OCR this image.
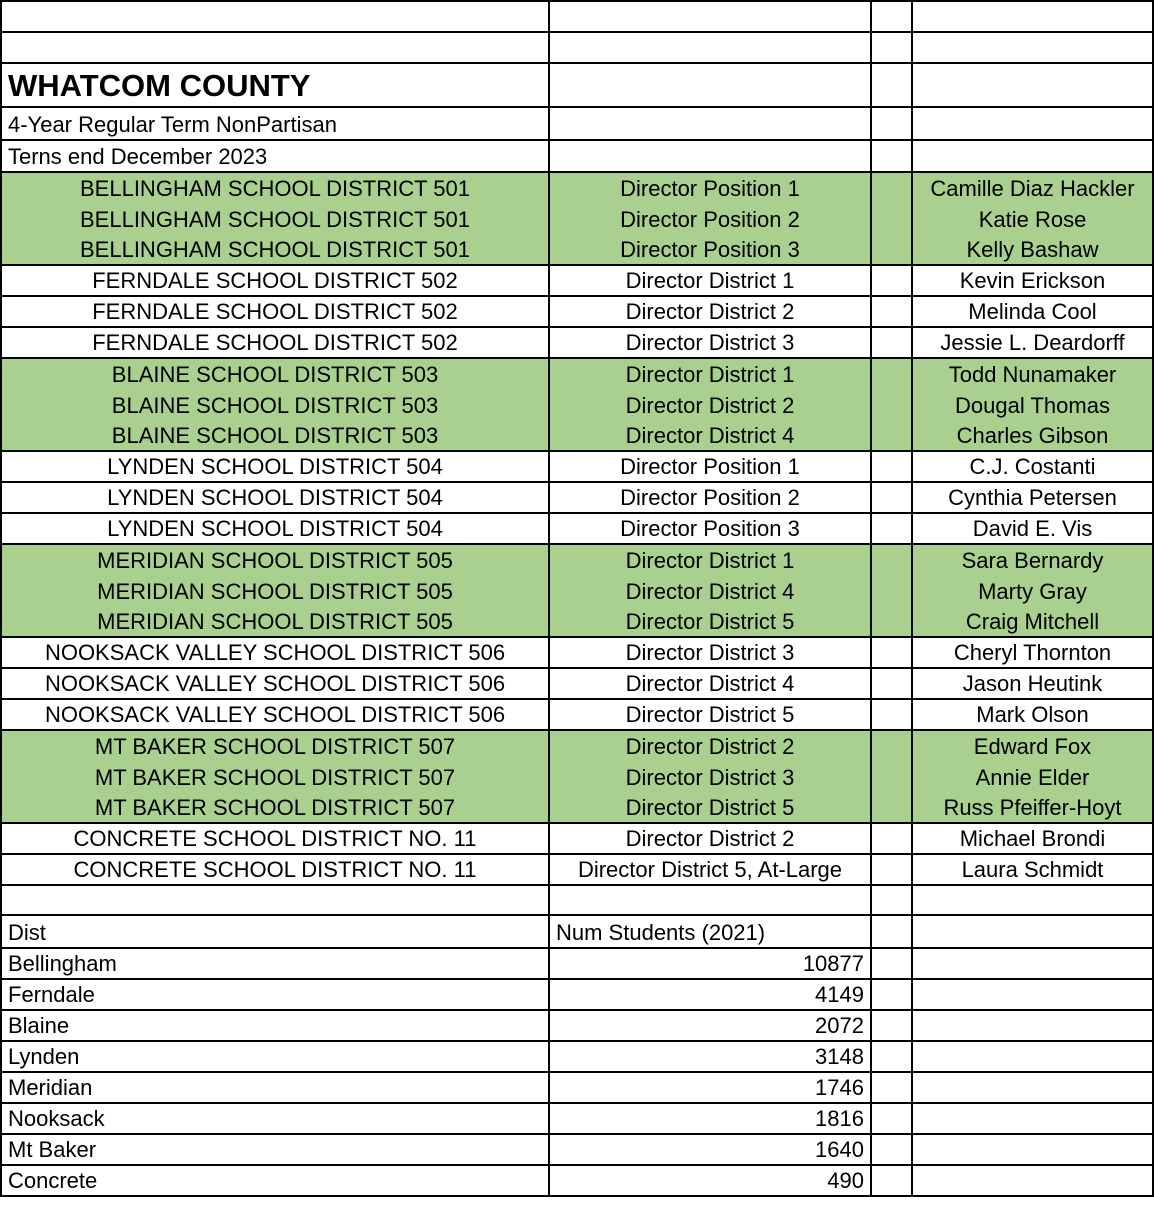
WHATCOM COUNTY			
4-Year Regular Term NonPartisan			
Terns end December 2023			
BELLINGHAM SCHOOL DISTRICT 501	Director Position 1		Camille Diaz Hackler
BELLINGHAM SCHOOL DISTRICT 501	Director Position 2		Katie Rose
BELLINGHAM SCHOOL DISTRICT 501	Director Position 3		Kelly Bashaw
FERNDALE SCHOOL DISTRICT 502	Director District 1		Kevin Erickson
FERNDALE SCHOOL DISTRICT 502	Director District 2		Melinda Cool
FERNDALE SCHOOL DISTRICT 502	Director District 3		Jessie L. Deardorff
BLAINE SCHOOL DISTRICT 503	Director District 1		Todd Nunamaker
BLAINE SCHOOL DISTRICT 503	Director District 2		Dougal Thomas
BLAINE SCHOOL DISTRICT 503	Director District 4		Charles Gibson
LYNDEN SCHOOL DISTRICT 504	Director Position 1		C.J. Costanti
LYNDEN SCHOOL DISTRICT 504	Director Position 2		Cynthia Petersen
LYNDEN SCHOOL DISTRICT 504	Director Position 3		David E. Vis
MERIDIAN SCHOOL DISTRICT 505	Director District 1		Sara Bernardy
MERIDIAN SCHOOL DISTRICT 505	Director District 4		Marty Gray
MERIDIAN SCHOOL DISTRICT 505	Director District 5		Craig Mitchell
NOOKSACK VALLEY SCHOOL DISTRICT 506	Director District 3		Cheryl Thornton
NOOKSACK VALLEY SCHOOL DISTRICT 506	Director District 4		Jason Heutink
NOOKSACK VALLEY SCHOOL DISTRICT 506	Director District 5		Mark Olson
MT BAKER SCHOOL DISTRICT 507	Director District 2		Edward Fox
MT BAKER SCHOOL DISTRICT 507	Director District 3		Annie Elder
MT BAKER SCHOOL DISTRICT 507	Director District 5		Russ Pfeiffer-Hoyt
CONCRETE SCHOOL DISTRICT NO. 11	Director District 2		Michael Brondi
CONCRETE SCHOOL DISTRICT NO. 11	Director District 5, At-Large		Laura Schmidt

Dist	Num Students (2021)		
Bellingham	10877		
Ferndale	4149		
Blaine	2072		
Lynden	3148		
Meridian	1746		
Nooksack	1816		
Mt Baker	1640		
Concrete	490		
